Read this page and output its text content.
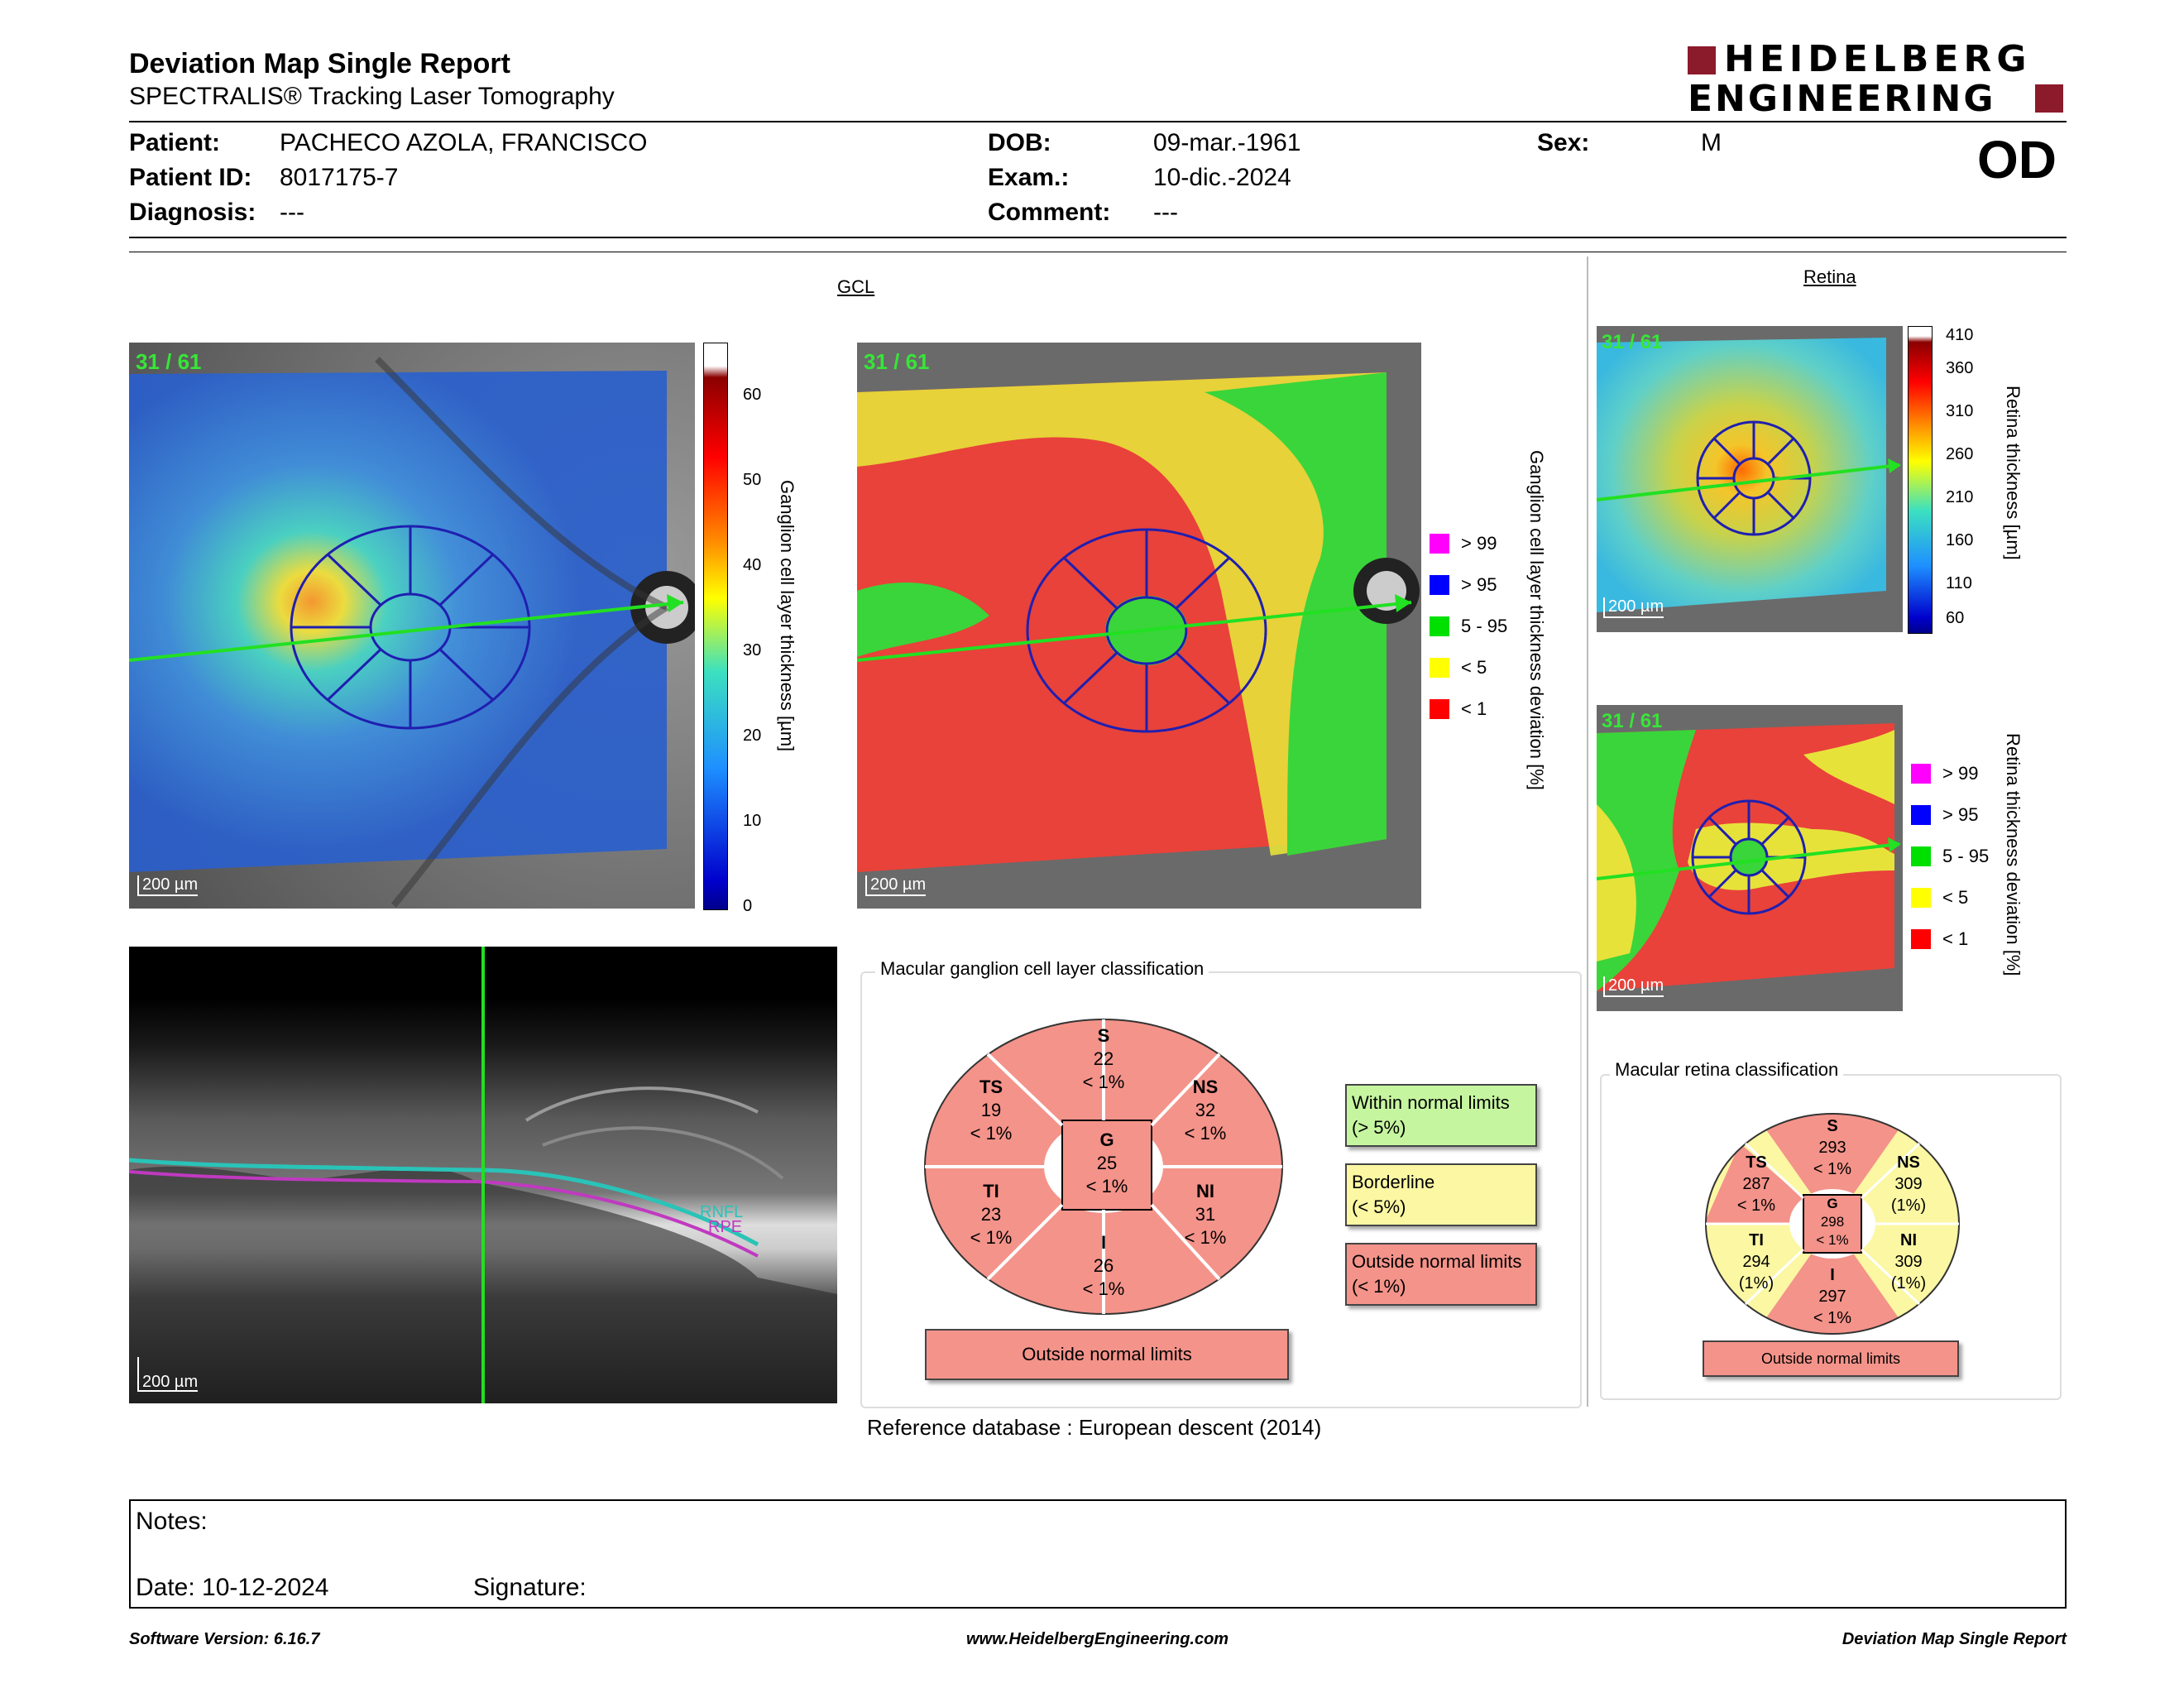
Deviation Map Single Report
SPECTRALIS® Tracking Laser Tomography
HEIDELBERG
ENGINEERING
Patient: PACHECO AZOLA, FRANCISCO
Patient ID: 8017175-7
Diagnosis: ---
DOB:	09-mar.-1961
Exam.:	10-dic.-2024
Comment: ---
Sex:	M	OD
GCL
31 / 61
200 µm
60
50
40
30
20
10
0
Ganglion cell layer thickness [µm]
31 / 61
200 µm
Ganglion cell layer thickness deviation [%]
> 99
> 95
5 - 95
< 5
< 1
Retina
31 / 61
200 µm
410
360
310
260
210
160
110
60
Retina thickness [µm]
31 / 61
200 µm
> 99
> 95
5 - 95
< 5
< 1 Retina thickness deviation [%]
RNFL
RPE
200 µm
Macular ganglion cell layer classification
S
22
< 1%
TS
19
< 1%
NS
32
< 1%
G
25
< 1%
TI
23
< 1%
NI
31
< 1%
I
26
< 1%
Outside normal limits
Within normal limits
(> 5%)
Borderline
(< 5%)
Outside normal limits
(< 1%)
Macular retina classification
S
293
< 1%
TS
287
< 1%
NS
309
(1%)
G
298
< 1%
TI
294
(1%)
NI
309
(1%)
I
297
< 1%
Outside normal limits
Reference database : European descent (2014)
Notes:
Date: 10-12-2024	Signature:
Software Version: 6.16.7	www.HeidelbergEngineering.com	Deviation Map Single Report
